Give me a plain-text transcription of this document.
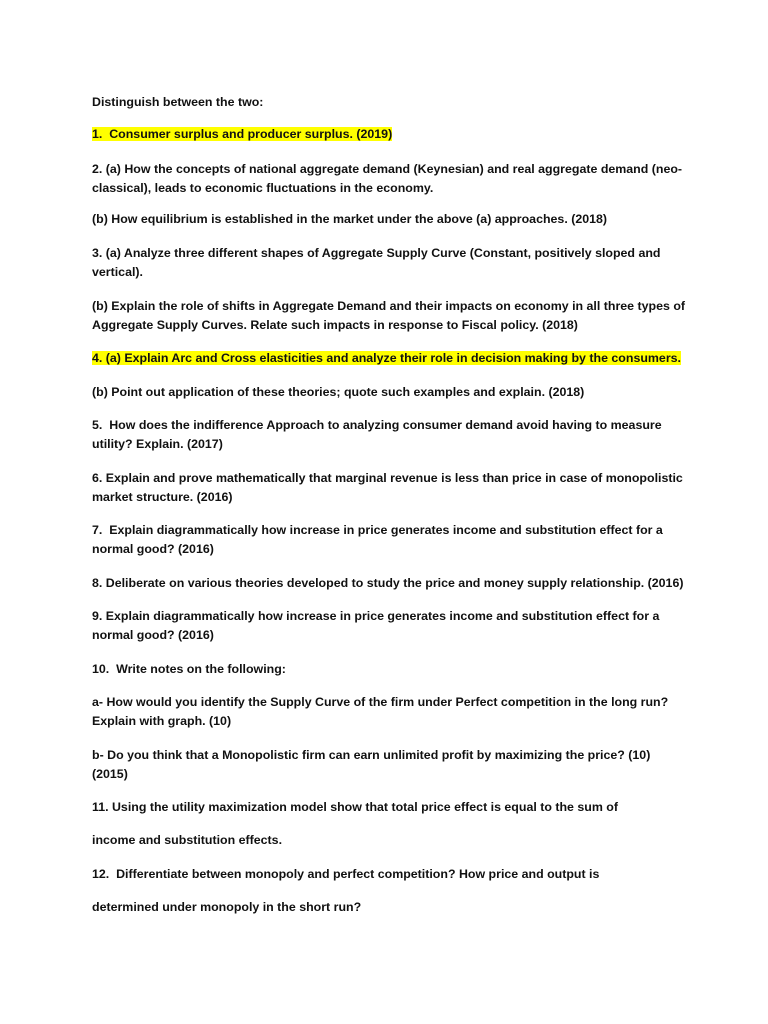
Distinguish between the two:

1.  Consumer surplus and producer surplus. (2019)

2. (a) How the concepts of national aggregate demand (Keynesian) and real aggregate demand (neo-classical), leads to economic fluctuations in the economy.

(b) How equilibrium is established in the market under the above (a) approaches. (2018)

3. (a) Analyze three different shapes of Aggregate Supply Curve (Constant, positively sloped and vertical).

(b) Explain the role of shifts in Aggregate Demand and their impacts on economy in all three types of Aggregate Supply Curves. Relate such impacts in response to Fiscal policy. (2018)

4. (a) Explain Arc and Cross elasticities and analyze their role in decision making by the consumers.

(b) Point out application of these theories; quote such examples and explain. (2018)

5.  How does the indifference Approach to analyzing consumer demand avoid having to measure utility? Explain. (2017)

6. Explain and prove mathematically that marginal revenue is less than price in case of monopolistic market structure. (2016)

7.  Explain diagrammatically how increase in price generates income and substitution effect for a normal good? (2016)

8. Deliberate on various theories developed to study the price and money supply relationship. (2016)

9. Explain diagrammatically how increase in price generates income and substitution effect for a normal good? (2016)

10.  Write notes on the following:

a- How would you identify the Supply Curve of the firm under Perfect competition in the long run? Explain with graph. (10)

b- Do you think that a Monopolistic firm can earn unlimited profit by maximizing the price? (10) (2015)

11. Using the utility maximization model show that total price effect is equal to the sum of

income and substitution effects.

12.  Differentiate between monopoly and perfect competition? How price and output is

determined under monopoly in the short run?
